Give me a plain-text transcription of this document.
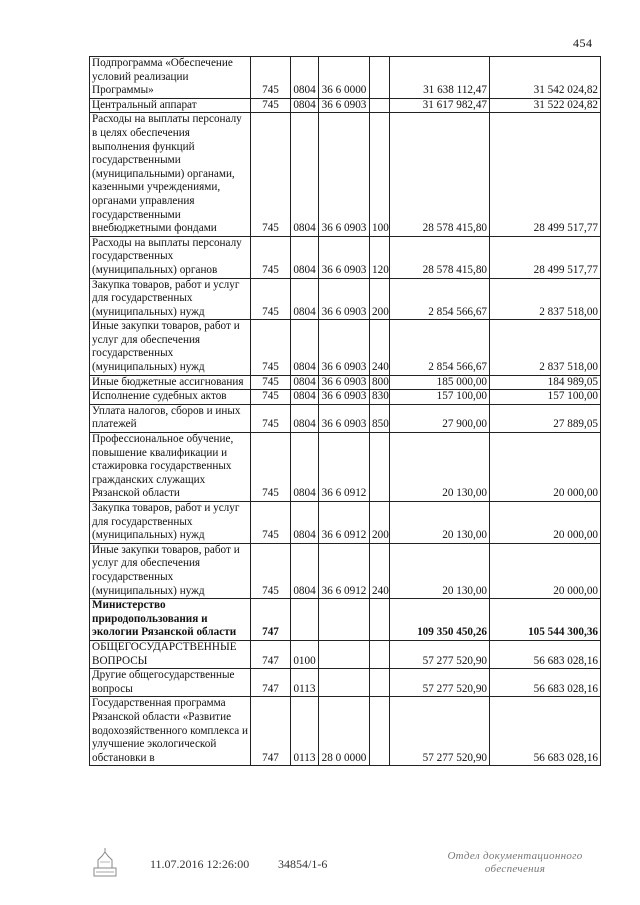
454
Подпрограмма «Обеспечение условий реализации Программы»	745	0804	36 6 0000		31 638 112,47	31 542 024,82
Центральный аппарат	745	0804	36 6 0903		31 617 982,47	31 522 024,82
Расходы на выплаты персоналу в целях обеспечения выполнения функций государственными (муниципальными) органами, казенными учреждениями, органами управления государственными внебюджетными фондами	745	0804	36 6 0903	100	28 578 415,80	28 499 517,77
Расходы на выплаты персоналу государственных (муниципальных) органов	745	0804	36 6 0903	120	28 578 415,80	28 499 517,77
Закупка товаров, работ и услуг для государственных (муниципальных) нужд	745	0804	36 6 0903	200	2 854 566,67	2 837 518,00
Иные закупки товаров, работ и услуг для обеспечения государственных (муниципальных) нужд	745	0804	36 6 0903	240	2 854 566,67	2 837 518,00
Иные бюджетные ассигнования	745	0804	36 6 0903	800	185 000,00	184 989,05
Исполнение судебных актов	745	0804	36 6 0903	830	157 100,00	157 100,00
Уплата налогов, сборов и иных платежей	745	0804	36 6 0903	850	27 900,00	27 889,05
Профессиональное обучение, повышение квалификации и стажировка государственных гражданских служащих Рязанской области	745	0804	36 6 0912		20 130,00	20 000,00
Закупка товаров, работ и услуг для государственных (муниципальных) нужд	745	0804	36 6 0912	200	20 130,00	20 000,00
Иные закупки товаров, работ и услуг для обеспечения государственных (муниципальных) нужд	745	0804	36 6 0912	240	20 130,00	20 000,00
Министерство природопользования и экологии Рязанской области	747				109 350 450,26	105 544 300,36
ОБЩЕГОСУДАРСТВЕННЫЕ ВОПРОСЫ	747	0100			57 277 520,90	56 683 028,16
Другие общегосударственные вопросы	747	0113			57 277 520,90	56 683 028,16
Государственная программа Рязанской области «Развитие водохозяйственного комплекса и улучшение экологической обстановки в	747	0113	28 0 0000		57 277 520,90	56 683 028,16
11.07.2016 12:26:00 34854/1-6
Отдел документационного
обеспечения
